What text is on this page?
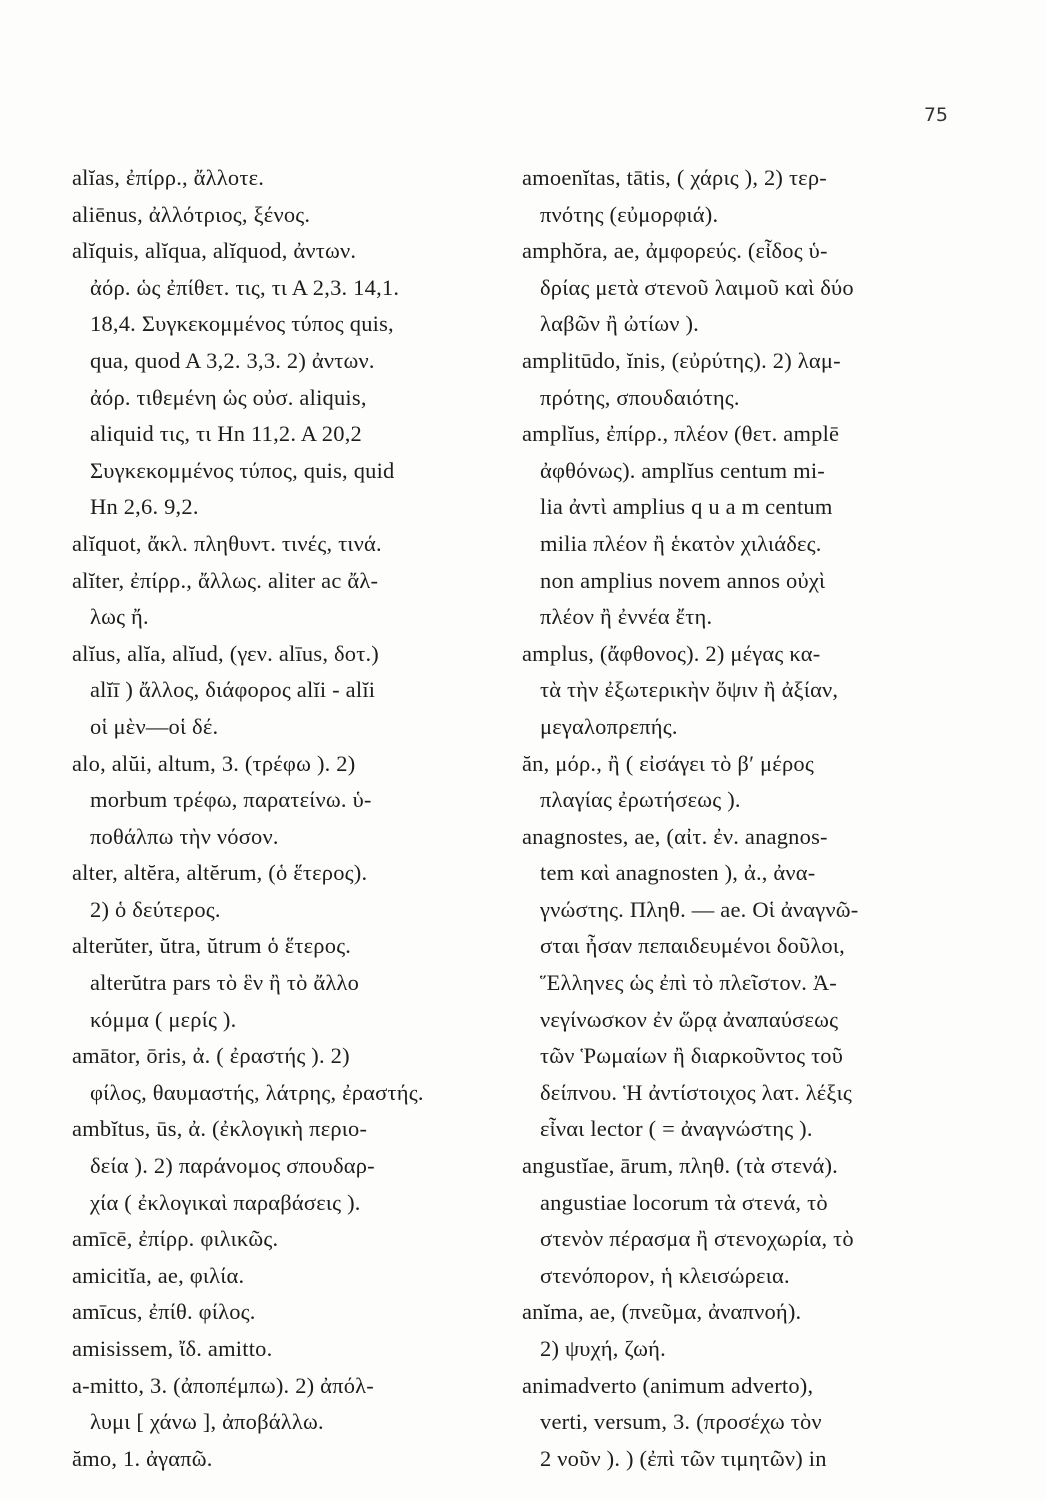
75
alĭas, ἐπίρρ., ἄλλοτε.
aliēnus, ἀλλότριος, ξένος.
alĭquis, alĭqua, alĭquod, ἀντων.
ἀόρ. ὡς ἐπίθετ. τις, τι Α 2,3. 14,1.
18,4. Συγκεκομμένος τύπος quis,
qua, quod A 3,2. 3,3. 2) ἀντων.
ἀόρ. τιθεμένη ὡς οὐσ. aliquis,
aliquid τις, τι Hn 11,2. A 20,2
Συγκεκομμένος τύπος, quis, quid
Hn 2,6. 9,2.
alĭquot, ἄκλ. πληθυντ. τινές, τινά.
alĭter, ἐπίρρ., ἄλλως. aliter ac ἄλ-
λως ἤ.
alĭus, alĭa, alĭud, (γεν. alīus, δοτ.)
alĭī ) ἄλλος, διάφορος alĭi - alĭi
οἱ μὲν—οἱ δέ.
alo, alŭi, altum, 3. (τρέφω ). 2)
morbum τρέφω, παρατείνω. ὑ-
ποθάλπω τὴν νόσον.
alter, altĕra, altĕrum, (ὁ ἕτερος).
2) ὁ δεύτερος.
alterŭter, ŭtra, ŭtrum ὁ ἕτερος.
alterŭtra pars τὸ ἓν ἢ τὸ ἄλλο
κόμμα ( μερίς ).
amātor, ōris, ἀ. ( ἐραστής ). 2)
φίλος, θαυμαστής, λάτρης, ἐραστής.
ambĭtus, ūs, ἀ. (ἐκλογικὴ περιο-
δεία ). 2) παράνομος σπουδαρ-
χία ( ἐκλογικαὶ παραβάσεις ).
amīcē, ἐπίρρ. φιλικῶς.
amicitĭa, ae, φιλία.
amīcus, ἐπίθ. φίλος.
amisissem, ἴδ. amitto.
a-mitto, 3. (ἀποπέμπω). 2) ἀπόλ-
λυμι [ χάνω ], ἀποβάλλω.
ămo, 1. ἀγαπῶ.
amoenĭtas, tātis, ( χάρις ), 2) τερ-
πνότης (εὐμορφιά).
amphŏra, ae, ἀμφορεύς. (εἶδος ὑ-
δρίας μετὰ στενοῦ λαιμοῦ καὶ δύο
λαβῶν ἢ ὠτίων ).
amplitūdo, ĭnis, (εὐρύτης). 2) λαμ-
πρότης, σπουδαιότης.
amplĭus, ἐπίρρ., πλέον (θετ. amplē
ἀφθόνως). amplĭus centum mi-
lia ἀντὶ amplius q u a m centum
milia πλέον ἢ ἑκατὸν χιλιάδες.
non amplius novem annos οὐχὶ
πλέον ἢ ἐννέα ἔτη.
amplus, (ἄφθονος). 2) μέγας κα-
τὰ τὴν ἐξωτερικὴν ὄψιν ἢ ἀξίαν,
μεγαλοπρεπής.
ăn, μόρ., ἢ ( εἰσάγει τὸ β′ μέρος
πλαγίας ἐρωτήσεως ).
anagnostes, ae, (αἰτ. ἐν. anagnos-
tem καὶ anagnosten ), ἀ., ἀνα-
γνώστης. Πληθ. — ae. Οἱ ἀναγνῶ-
σται ἦσαν πεπαιδευμένοι δοῦλοι,
Ἕλληνες ὡς ἐπὶ τὸ πλεῖστον. Ἀ-
νεγίνωσκον ἐν ὥρᾳ ἀναπαύσεως
τῶν Ῥωμαίων ἢ διαρκοῦντος τοῦ
δείπνου. Ἡ ἀντίστοιχος λατ. λέξις
εἶναι lector ( = ἀναγνώστης ).
angustĭae, ārum, πληθ. (τὰ στενά).
angustiae locorum τὰ στενά, τὸ
στενὸν πέρασμα ἢ στενοχωρία, τὸ
στενόπορον, ἡ κλεισώρεια.
anĭma, ae, (πνεῦμα, ἀναπνοή).
2) ψυχή, ζωή.
animadverto (animum adverto),
verti, versum, 3. (προσέχω τὸν
2 νοῦν ). ) (ἐπὶ τῶν τιμητῶν) in
